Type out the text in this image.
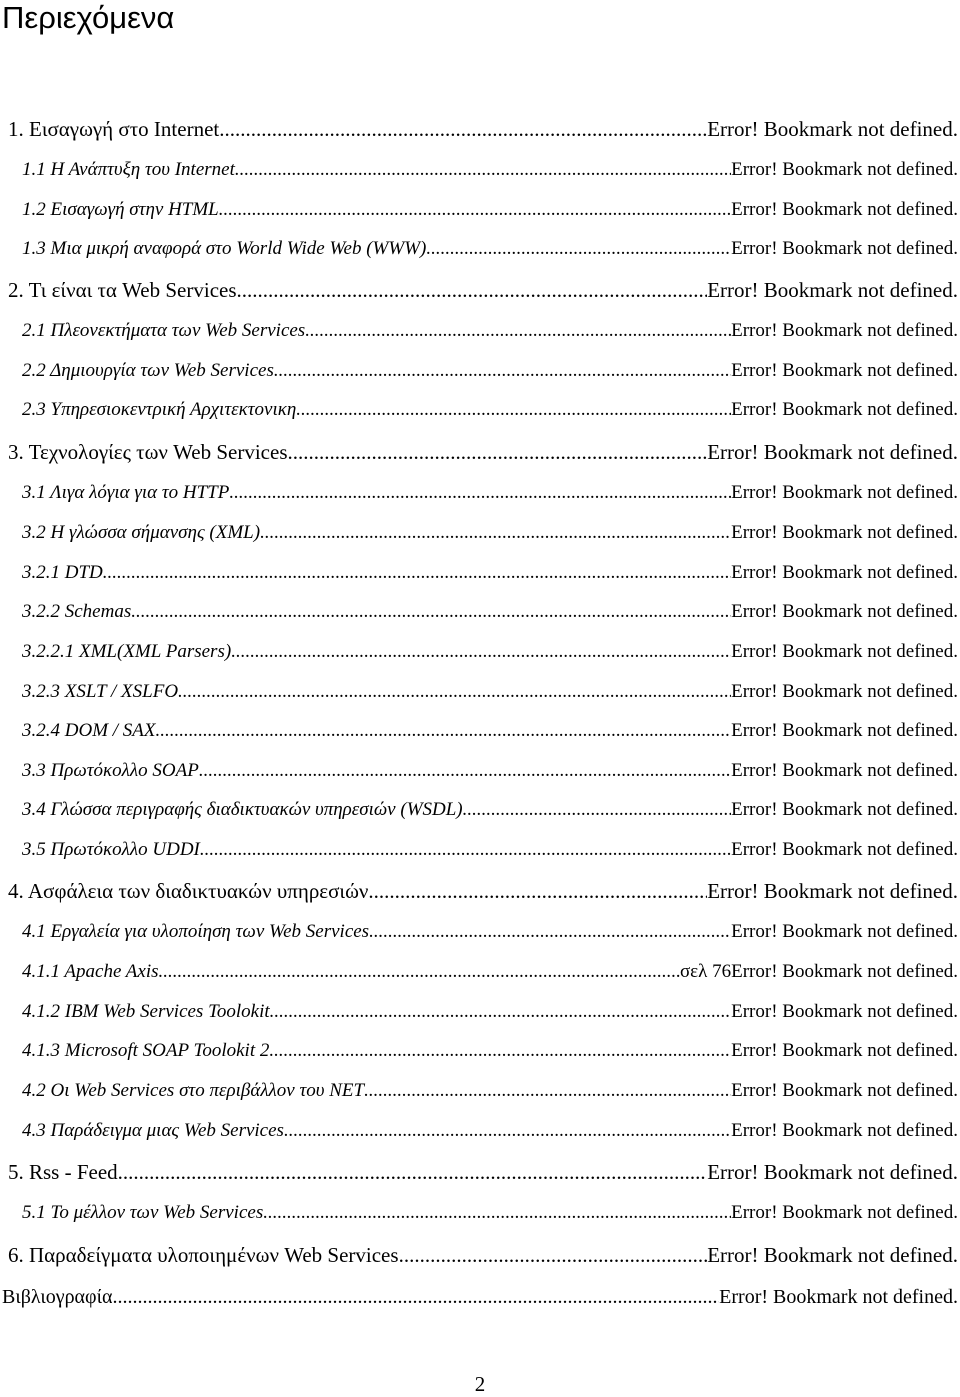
Περιεχόμενα
1. Εισαγωγή στο Internet .....	Error! Bookmark not defined.
1.1 Η Ανάπτυξη του Internet .....	Error! Bookmark not defined.
1.2 Εισαγωγή στην HTML .....	Error! Bookmark not defined.
1.3 Μια μικρή αναφορά στο World Wide Web (WWW) .....	Error! Bookmark not defined.
2. Τι είναι τα Web Services .....	Error! Bookmark not defined.
2.1 Πλεονεκτήματα των Web Services .....	Error! Bookmark not defined.
2.2 Δημιουργία των Web Services .....	Error! Bookmark not defined.
2.3 Υπηρεσιοκεντρική Αρχιτεκτονικη .....	Error! Bookmark not defined.
3. Τεχνολογίες των Web Services. .....	Error! Bookmark not defined.
3.1 Λιγα λόγια για το HTTP .....	Error! Bookmark not defined.
3.2 Η γλώσσα σήμανσης (XML) .....	Error! Bookmark not defined.
3.2.1 DTD .....	Error! Bookmark not defined.
3.2.2 Schemas .....	Error! Bookmark not defined.
3.2.2.1 XML(XML Parsers) .....	Error! Bookmark not defined.
3.2.3 XSLT / XSLFO .....	Error! Bookmark not defined.
3.2.4 DOM / SAX .....	Error! Bookmark not defined.
3.3 Πρωτόκολλο SOAP .....	Error! Bookmark not defined.
3.4 Γλώσσα περιγραφής διαδικτυακών υπηρεσιών (WSDL) .....	Error! Bookmark not defined.
3.5 Πρωτόκολλο UDDI .....	Error! Bookmark not defined.
4. Ασφάλεια των διαδικτυακών υπηρεσιών .....	Error! Bookmark not defined.
4.1 Εργαλεία για υλοποίηση των Web Services .....	Error! Bookmark not defined.
4.1.1 Apache Axis .....	σελ 76Error! Bookmark not defined.
4.1.2 IBM Web Services Toolokit .....	Error! Bookmark not defined.
4.1.3 Microsoft SOAP Toolokit 2 .....	Error! Bookmark not defined.
4.2 Οι Web Services στο περιβάλλον του NET .....	Error! Bookmark not defined.
4.3 Παράδειγμα μιας Web Services .....	Error! Bookmark not defined.
5. Rss - Feed .....	Error! Bookmark not defined.
5.1 Το μέλλον των Web Services .....	Error! Bookmark not defined.
6. Παραδείγματα υλοποιημένων Web Services .....	Error! Bookmark not defined.
Βιβλιογραφία .....	Error! Bookmark not defined.
2
